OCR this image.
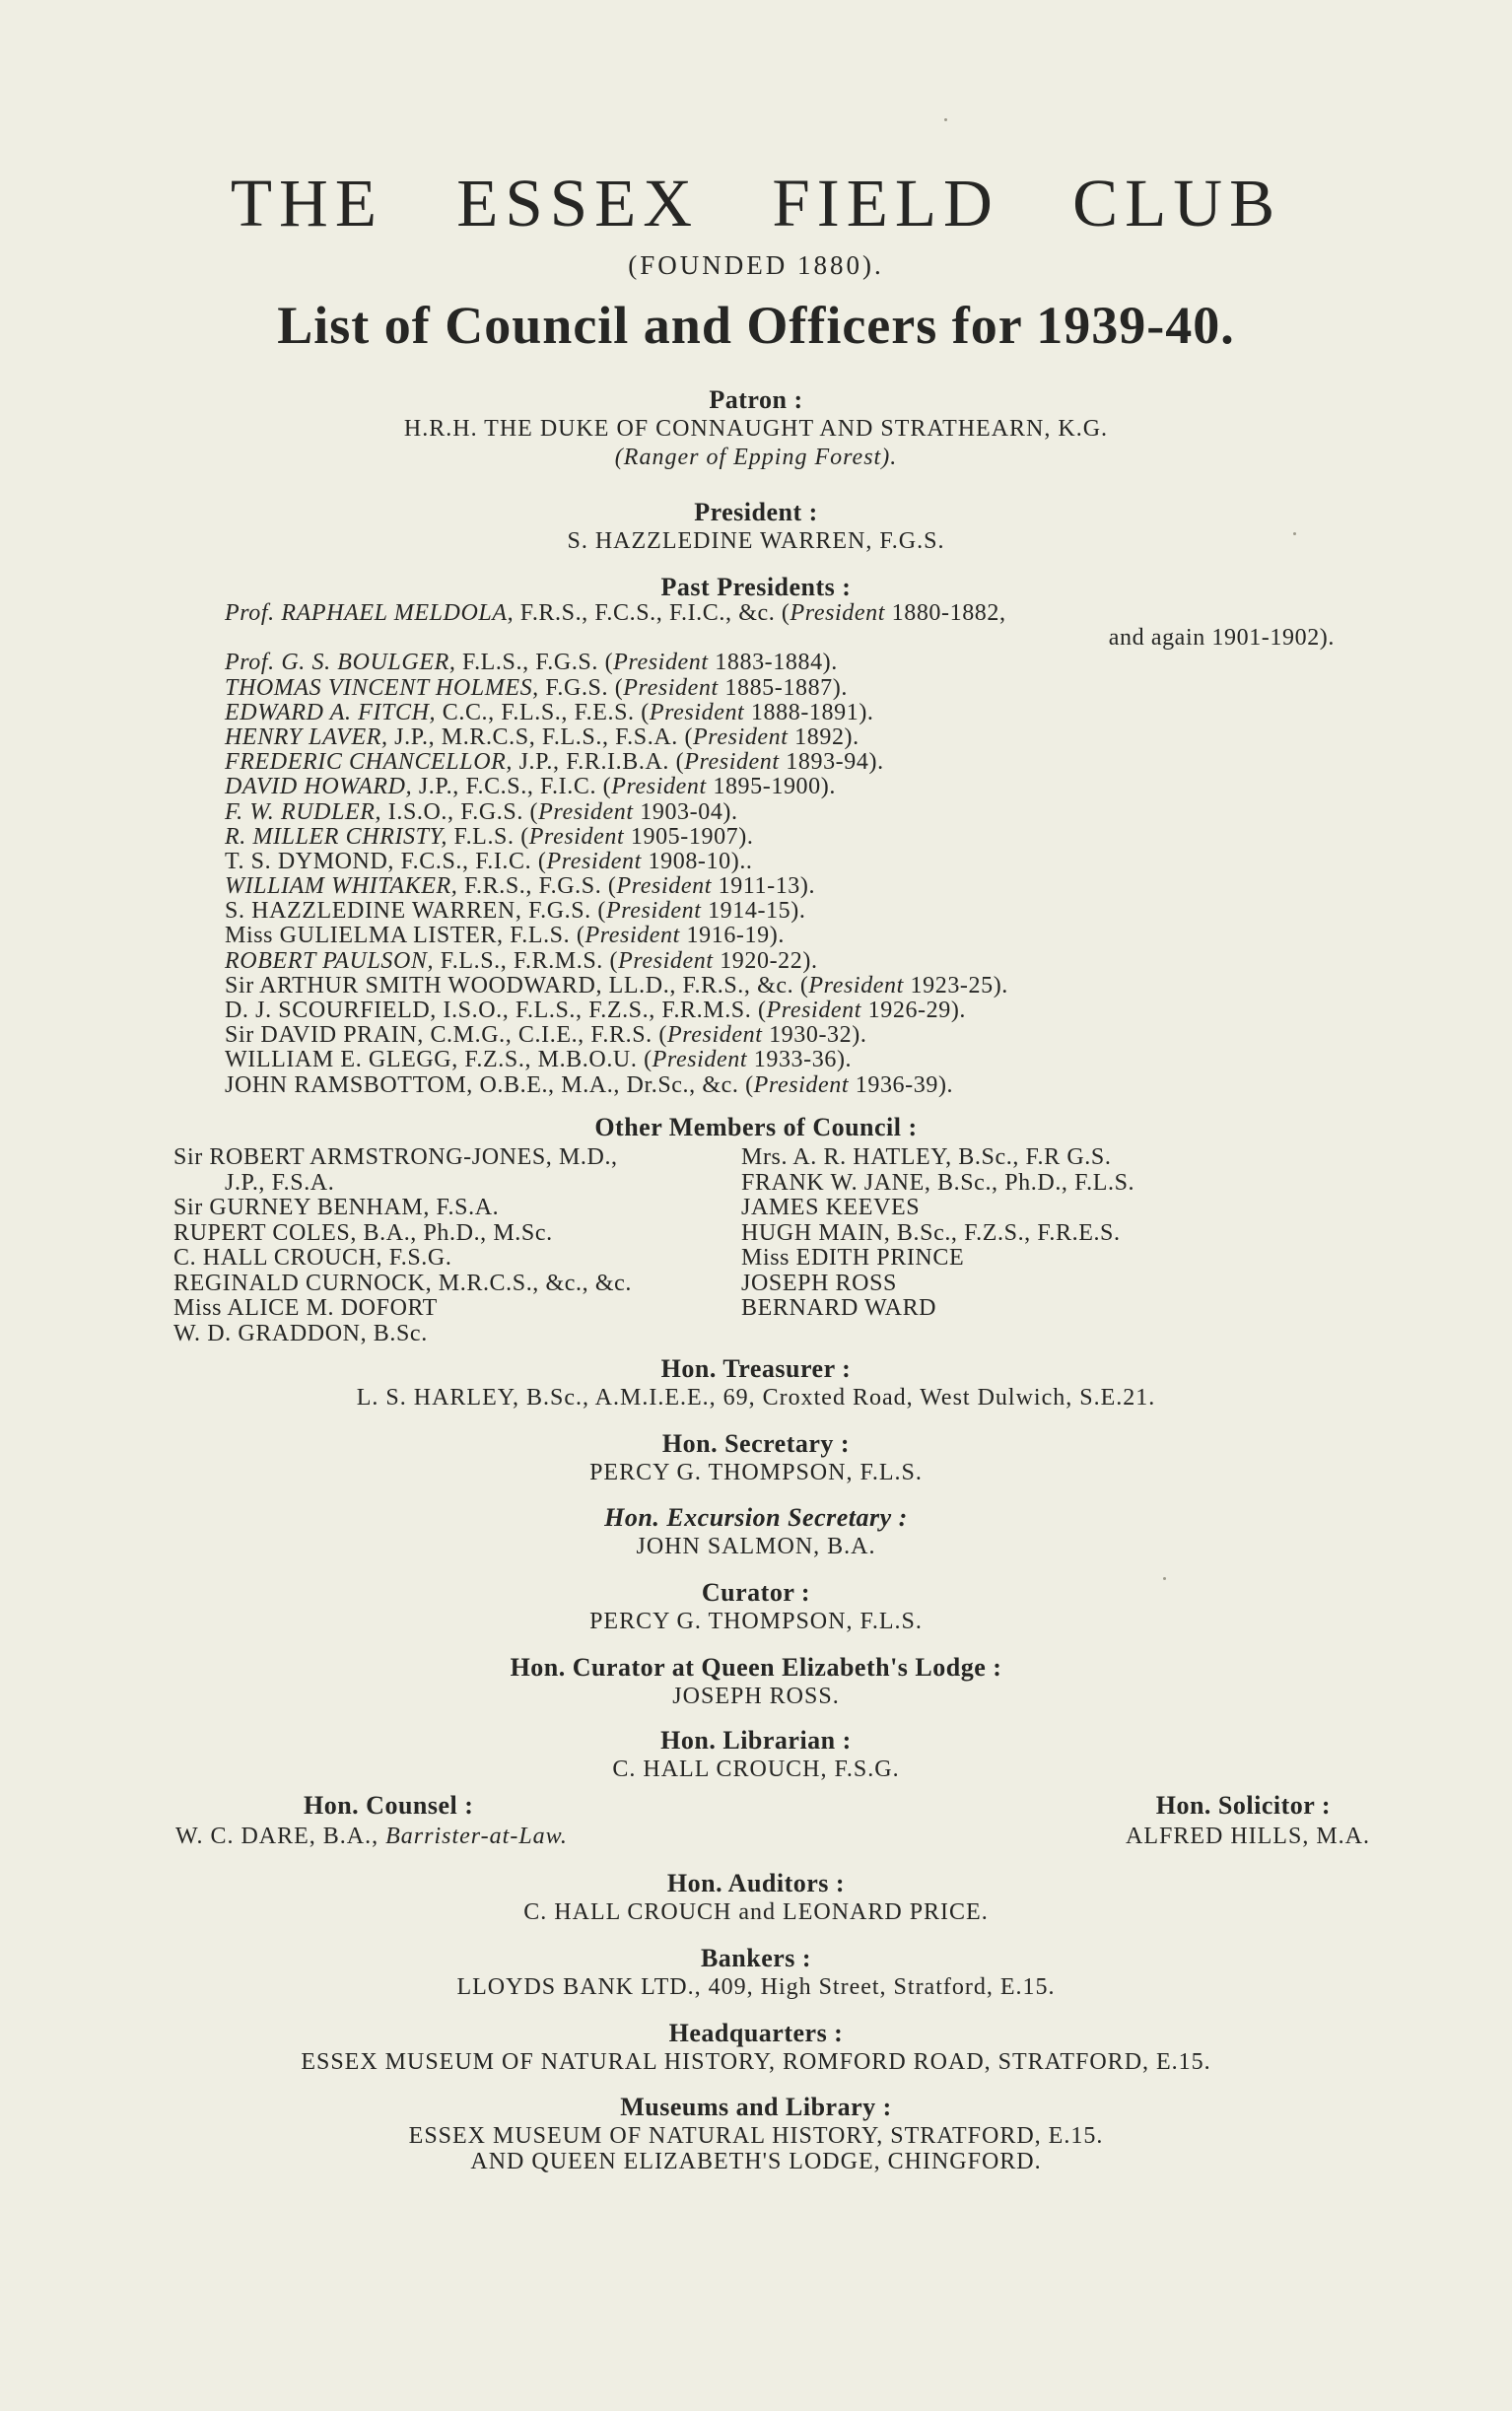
THE ESSEX FIELD CLUB
(FOUNDED 1880).
List of Council and Officers for 1939-40.
Patron :
H.R.H. THE DUKE OF CONNAUGHT AND STRATHEARN, K.G.
(Ranger of Epping Forest).
President :
S. HAZZLEDINE WARREN, F.G.S.
Past Presidents :
Prof. RAPHAEL MELDOLA, F.R.S., F.C.S., F.I.C., &c. (President 1880-1882,
and again 1901-1902).
Prof. G. S. BOULGER, F.L.S., F.G.S. (President 1883-1884).
THOMAS VINCENT HOLMES, F.G.S. (President 1885-1887).
EDWARD A. FITCH, C.C., F.L.S., F.E.S. (President 1888-1891).
HENRY LAVER, J.P., M.R.C.S, F.L.S., F.S.A. (President 1892).
FREDERIC CHANCELLOR, J.P., F.R.I.B.A. (President 1893-94).
DAVID HOWARD, J.P., F.C.S., F.I.C. (President 1895-1900).
F. W. RUDLER, I.S.O., F.G.S. (President 1903-04).
R. MILLER CHRISTY, F.L.S. (President 1905-1907).
T. S. DYMOND, F.C.S., F.I.C. (President 1908-10)..
WILLIAM WHITAKER, F.R.S., F.G.S. (President 1911-13).
S. HAZZLEDINE WARREN, F.G.S. (President 1914-15).
Miss GULIELMA LISTER, F.L.S. (President 1916-19).
ROBERT PAULSON, F.L.S., F.R.M.S. (President 1920-22).
Sir ARTHUR SMITH WOODWARD, LL.D., F.R.S., &c. (President 1923-25).
D. J. SCOURFIELD, I.S.O., F.L.S., F.Z.S., F.R.M.S. (President 1926-29).
Sir DAVID PRAIN, C.M.G., C.I.E., F.R.S. (President 1930-32).
WILLIAM E. GLEGG, F.Z.S., M.B.O.U. (President 1933-36).
JOHN RAMSBOTTOM, O.B.E., M.A., Dr.Sc., &c. (President 1936-39).
Other Members of Council :
Sir ROBERT ARMSTRONG-JONES, M.D.,
J.P., F.S.A.
Sir GURNEY BENHAM, F.S.A.
RUPERT COLES, B.A., Ph.D., M.Sc.
C. HALL CROUCH, F.S.G.
REGINALD CURNOCK, M.R.C.S., &c., &c.
Miss ALICE M. DOFORT
W. D. GRADDON, B.Sc.
Mrs. A. R. HATLEY, B.Sc., F.R G.S.
FRANK W. JANE, B.Sc., Ph.D., F.L.S.
JAMES KEEVES
HUGH MAIN, B.Sc., F.Z.S., F.R.E.S.
Miss EDITH PRINCE
JOSEPH ROSS
BERNARD WARD
Hon. Treasurer :
L. S. HARLEY, B.Sc., A.M.I.E.E., 69, Croxted Road, West Dulwich, S.E.21.
Hon. Secretary :
PERCY G. THOMPSON, F.L.S.
Hon. Excursion Secretary :
JOHN SALMON, B.A.
Curator :
PERCY G. THOMPSON, F.L.S.
Hon. Curator at Queen Elizabeth's Lodge :
JOSEPH ROSS.
Hon. Librarian :
C. HALL CROUCH, F.S.G.
Hon. Counsel :
W. C. DARE, B.A., Barrister-at-Law.
Hon. Solicitor :
ALFRED HILLS, M.A.
Hon. Auditors :
C. HALL CROUCH and LEONARD PRICE.
Bankers :
LLOYDS BANK LTD., 409, High Street, Stratford, E.15.
Headquarters :
ESSEX MUSEUM OF NATURAL HISTORY, ROMFORD ROAD, STRATFORD, E.15.
Museums and Library :
ESSEX MUSEUM OF NATURAL HISTORY, STRATFORD, E.15.
AND QUEEN ELIZABETH'S LODGE, CHINGFORD.
